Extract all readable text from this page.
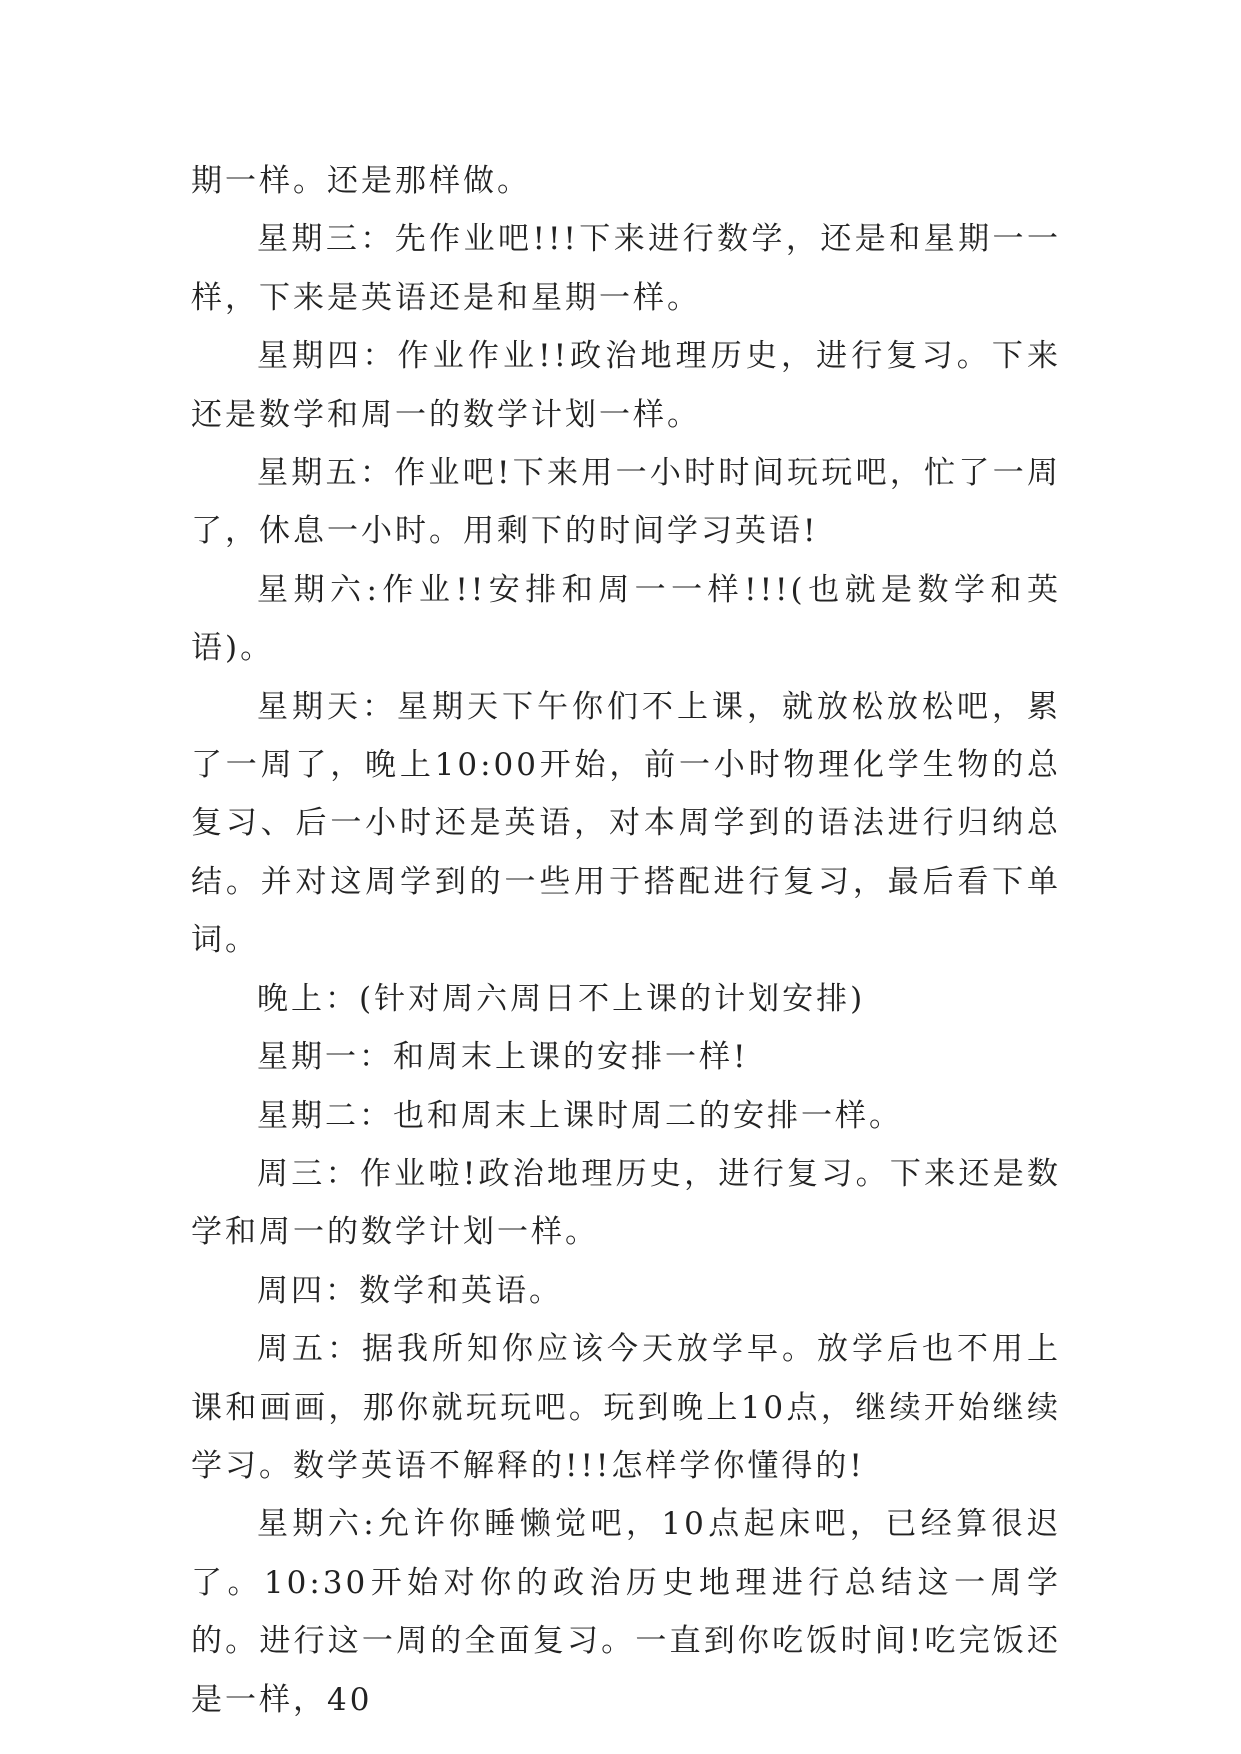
期一样。还是那样做。

星期三：先作业吧!!!下来进行数学，还是和星期一一样，下来是英语还是和星期一样。

星期四：作业作业!!政治地理历史，进行复习。下来还是数学和周一的数学计划一样。

星期五：作业吧!下来用一小时时间玩玩吧，忙了一周了，休息一小时。用剩下的时间学习英语!

星期六:作业!!安排和周一一样!!!(也就是数学和英语)。

星期天：星期天下午你们不上课，就放松放松吧，累了一周了，晚上10:00开始，前一小时物理化学生物的总复习、后一小时还是英语，对本周学到的语法进行归纳总结。并对这周学到的一些用于搭配进行复习，最后看下单词。

晚上：(针对周六周日不上课的计划安排)

星期一：和周末上课的安排一样!

星期二：也和周末上课时周二的安排一样。

周三：作业啦!政治地理历史，进行复习。下来还是数学和周一的数学计划一样。

周四：数学和英语。

周五：据我所知你应该今天放学早。放学后也不用上课和画画，那你就玩玩吧。玩到晚上10点，继续开始继续学习。数学英语不解释的!!!怎样学你懂得的!

星期六:允许你睡懒觉吧，10点起床吧，已经算很迟了。10:30开始对你的政治历史地理进行总结这一周学的。进行这一周的全面复习。一直到你吃饭时间!吃完饭还是一样，40
